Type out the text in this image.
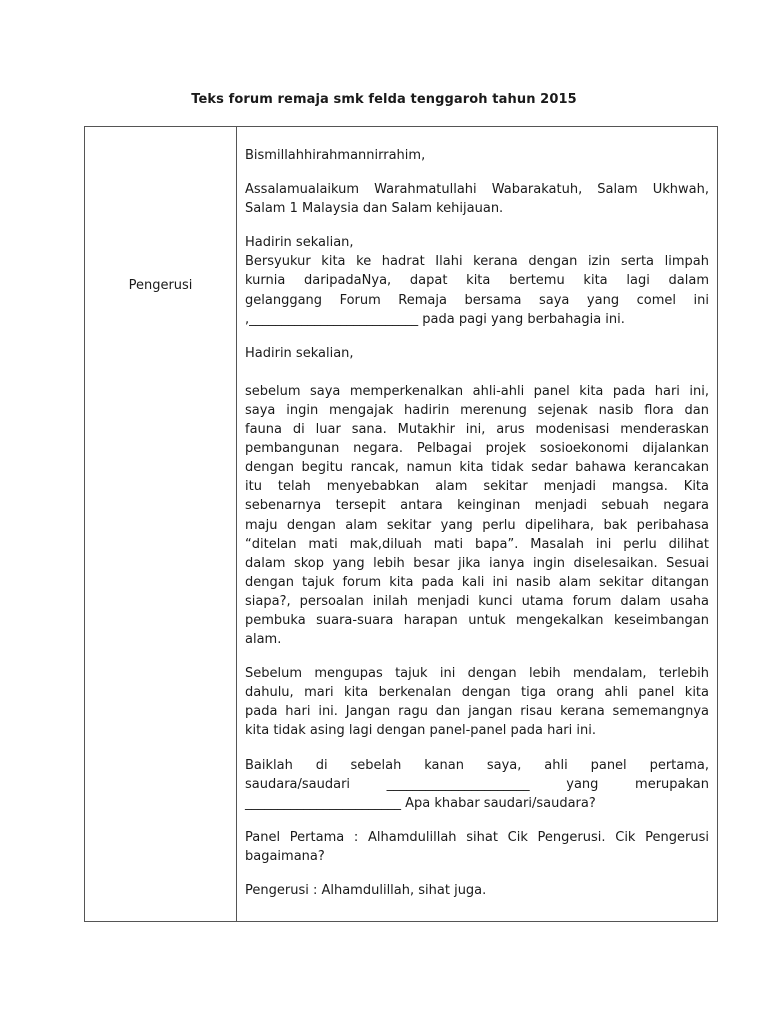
Teks forum remaja smk felda tenggaroh tahun 2015
Pengerusi

Bismillahhirahmannirrahim,

Assalamualaikum Warahmatullahi Wabarakatuh, Salam Ukhwah,
Salam 1 Malaysia dan Salam kehijauan.

Hadirin sekalian,
Bersyukur kita ke hadrat Ilahi kerana dengan izin serta limpah
kurnia daripadaNya, dapat kita bertemu kita lagi dalam
gelanggang Forum Remaja bersama saya yang comel ini
,__________________________ pada pagi yang berbahagia ini.

Hadirin sekalian,

sebelum saya memperkenalkan ahli-ahli panel kita pada hari ini,
saya ingin mengajak hadirin merenung sejenak nasib flora dan
fauna di luar sana. Mutakhir ini, arus modenisasi menderaskan
pembangunan negara. Pelbagai projek sosioekonomi dijalankan
dengan begitu rancak, namun kita tidak sedar bahawa kerancakan
itu telah menyebabkan alam sekitar menjadi mangsa. Kita
sebenarnya tersepit antara keinginan menjadi sebuah negara
maju dengan alam sekitar yang perlu dipelihara, bak peribahasa
“ditelan mati mak,diluah mati bapa”. Masalah ini perlu dilihat
dalam skop yang lebih besar jika ianya ingin diselesaikan. Sesuai
dengan tajuk forum kita pada kali ini nasib alam sekitar ditangan
siapa?, persoalan inilah menjadi kunci utama forum dalam usaha
pembuka suara-suara harapan untuk mengekalkan keseimbangan
alam.

Sebelum mengupas tajuk ini dengan lebih mendalam, terlebih
dahulu, mari kita berkenalan dengan tiga orang ahli panel kita
pada hari ini. Jangan ragu dan jangan risau kerana sememangnya
kita tidak asing lagi dengan panel-panel pada hari ini.

Baiklah di sebelah kanan saya, ahli panel pertama,
saudara/saudari ______________________ yang merupakan
________________________ Apa khabar saudari/saudara?

Panel Pertama : Alhamdulillah sihat Cik Pengerusi. Cik Pengerusi
bagaimana?

Pengerusi : Alhamdulillah, sihat juga.
